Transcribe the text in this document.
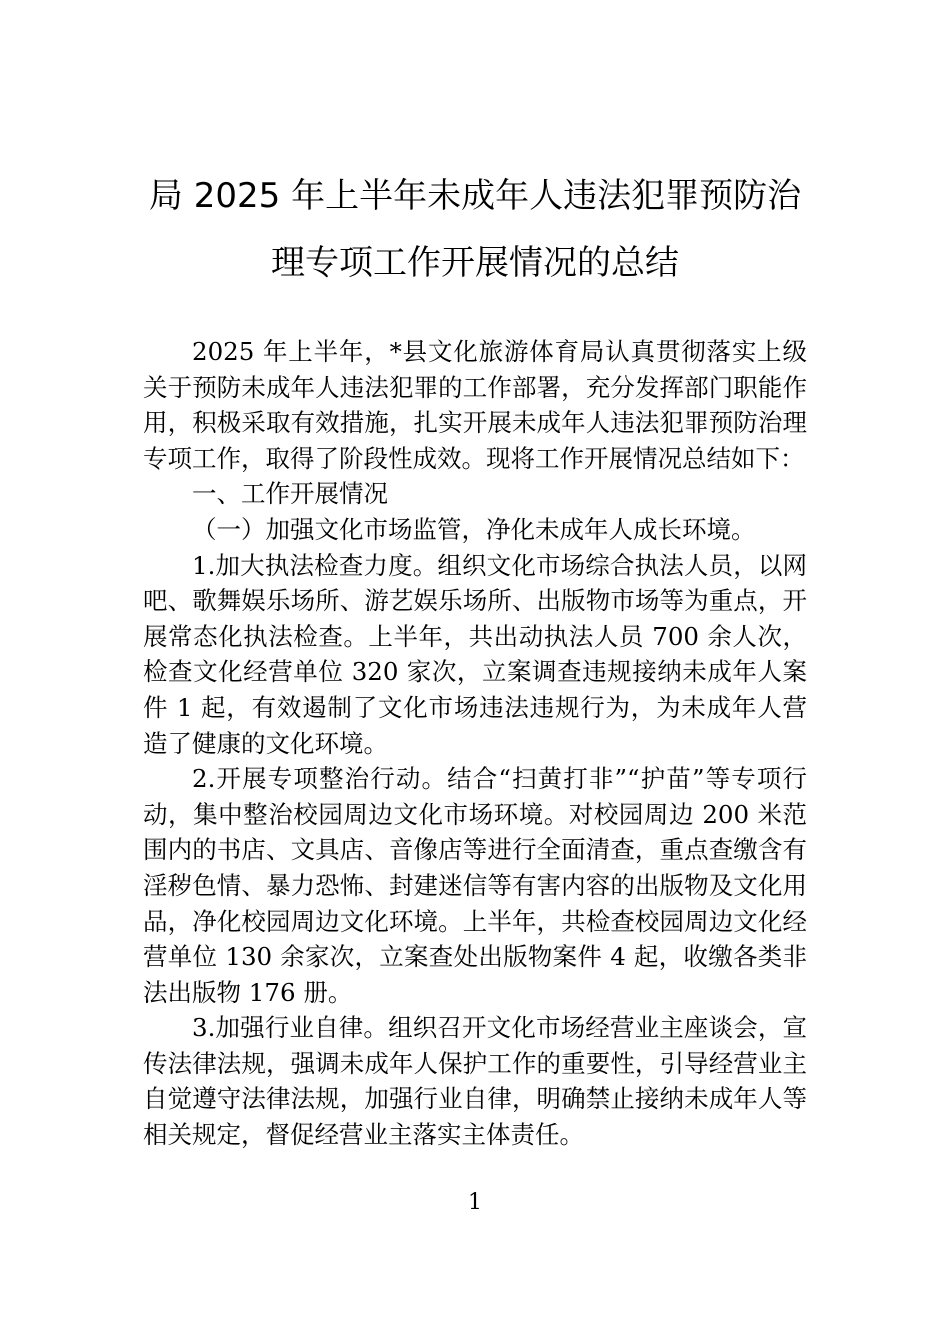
局 2025 年上半年未成年人违法犯罪预防治
理专项工作开展情况的总结

2025 年上半年，*县文化旅游体育局认真贯彻落实上级关于预防未成年人违法犯罪的工作部署，充分发挥部门职能作用，积极采取有效措施，扎实开展未成年人违法犯罪预防治理专项工作，取得了阶段性成效。现将工作开展情况总结如下：

一、工作开展情况

（一）加强文化市场监管，净化未成年人成长环境。

1.加大执法检查力度。组织文化市场综合执法人员，以网吧、歌舞娱乐场所、游艺娱乐场所、出版物市场等为重点，开展常态化执法检查。上半年，共出动执法人员 700 余人次，检查文化经营单位 320 家次，立案调查违规接纳未成年人案件 1 起，有效遏制了文化市场违法违规行为，为未成年人营造了健康的文化环境。

2.开展专项整治行动。结合“扫黄打非”“护苗”等专项行动，集中整治校园周边文化市场环境。对校园周边 200 米范围内的书店、文具店、音像店等进行全面清查，重点查缴含有淫秽色情、暴力恐怖、封建迷信等有害内容的出版物及文化用品，净化校园周边文化环境。上半年，共检查校园周边文化经营单位 130 余家次，立案查处出版物案件 4 起，收缴各类非法出版物 176 册。

3.加强行业自律。组织召开文化市场经营业主座谈会，宣传法律法规，强调未成年人保护工作的重要性，引导经营业主自觉遵守法律法规，加强行业自律，明确禁止接纳未成年人等相关规定，督促经营业主落实主体责任。

1
